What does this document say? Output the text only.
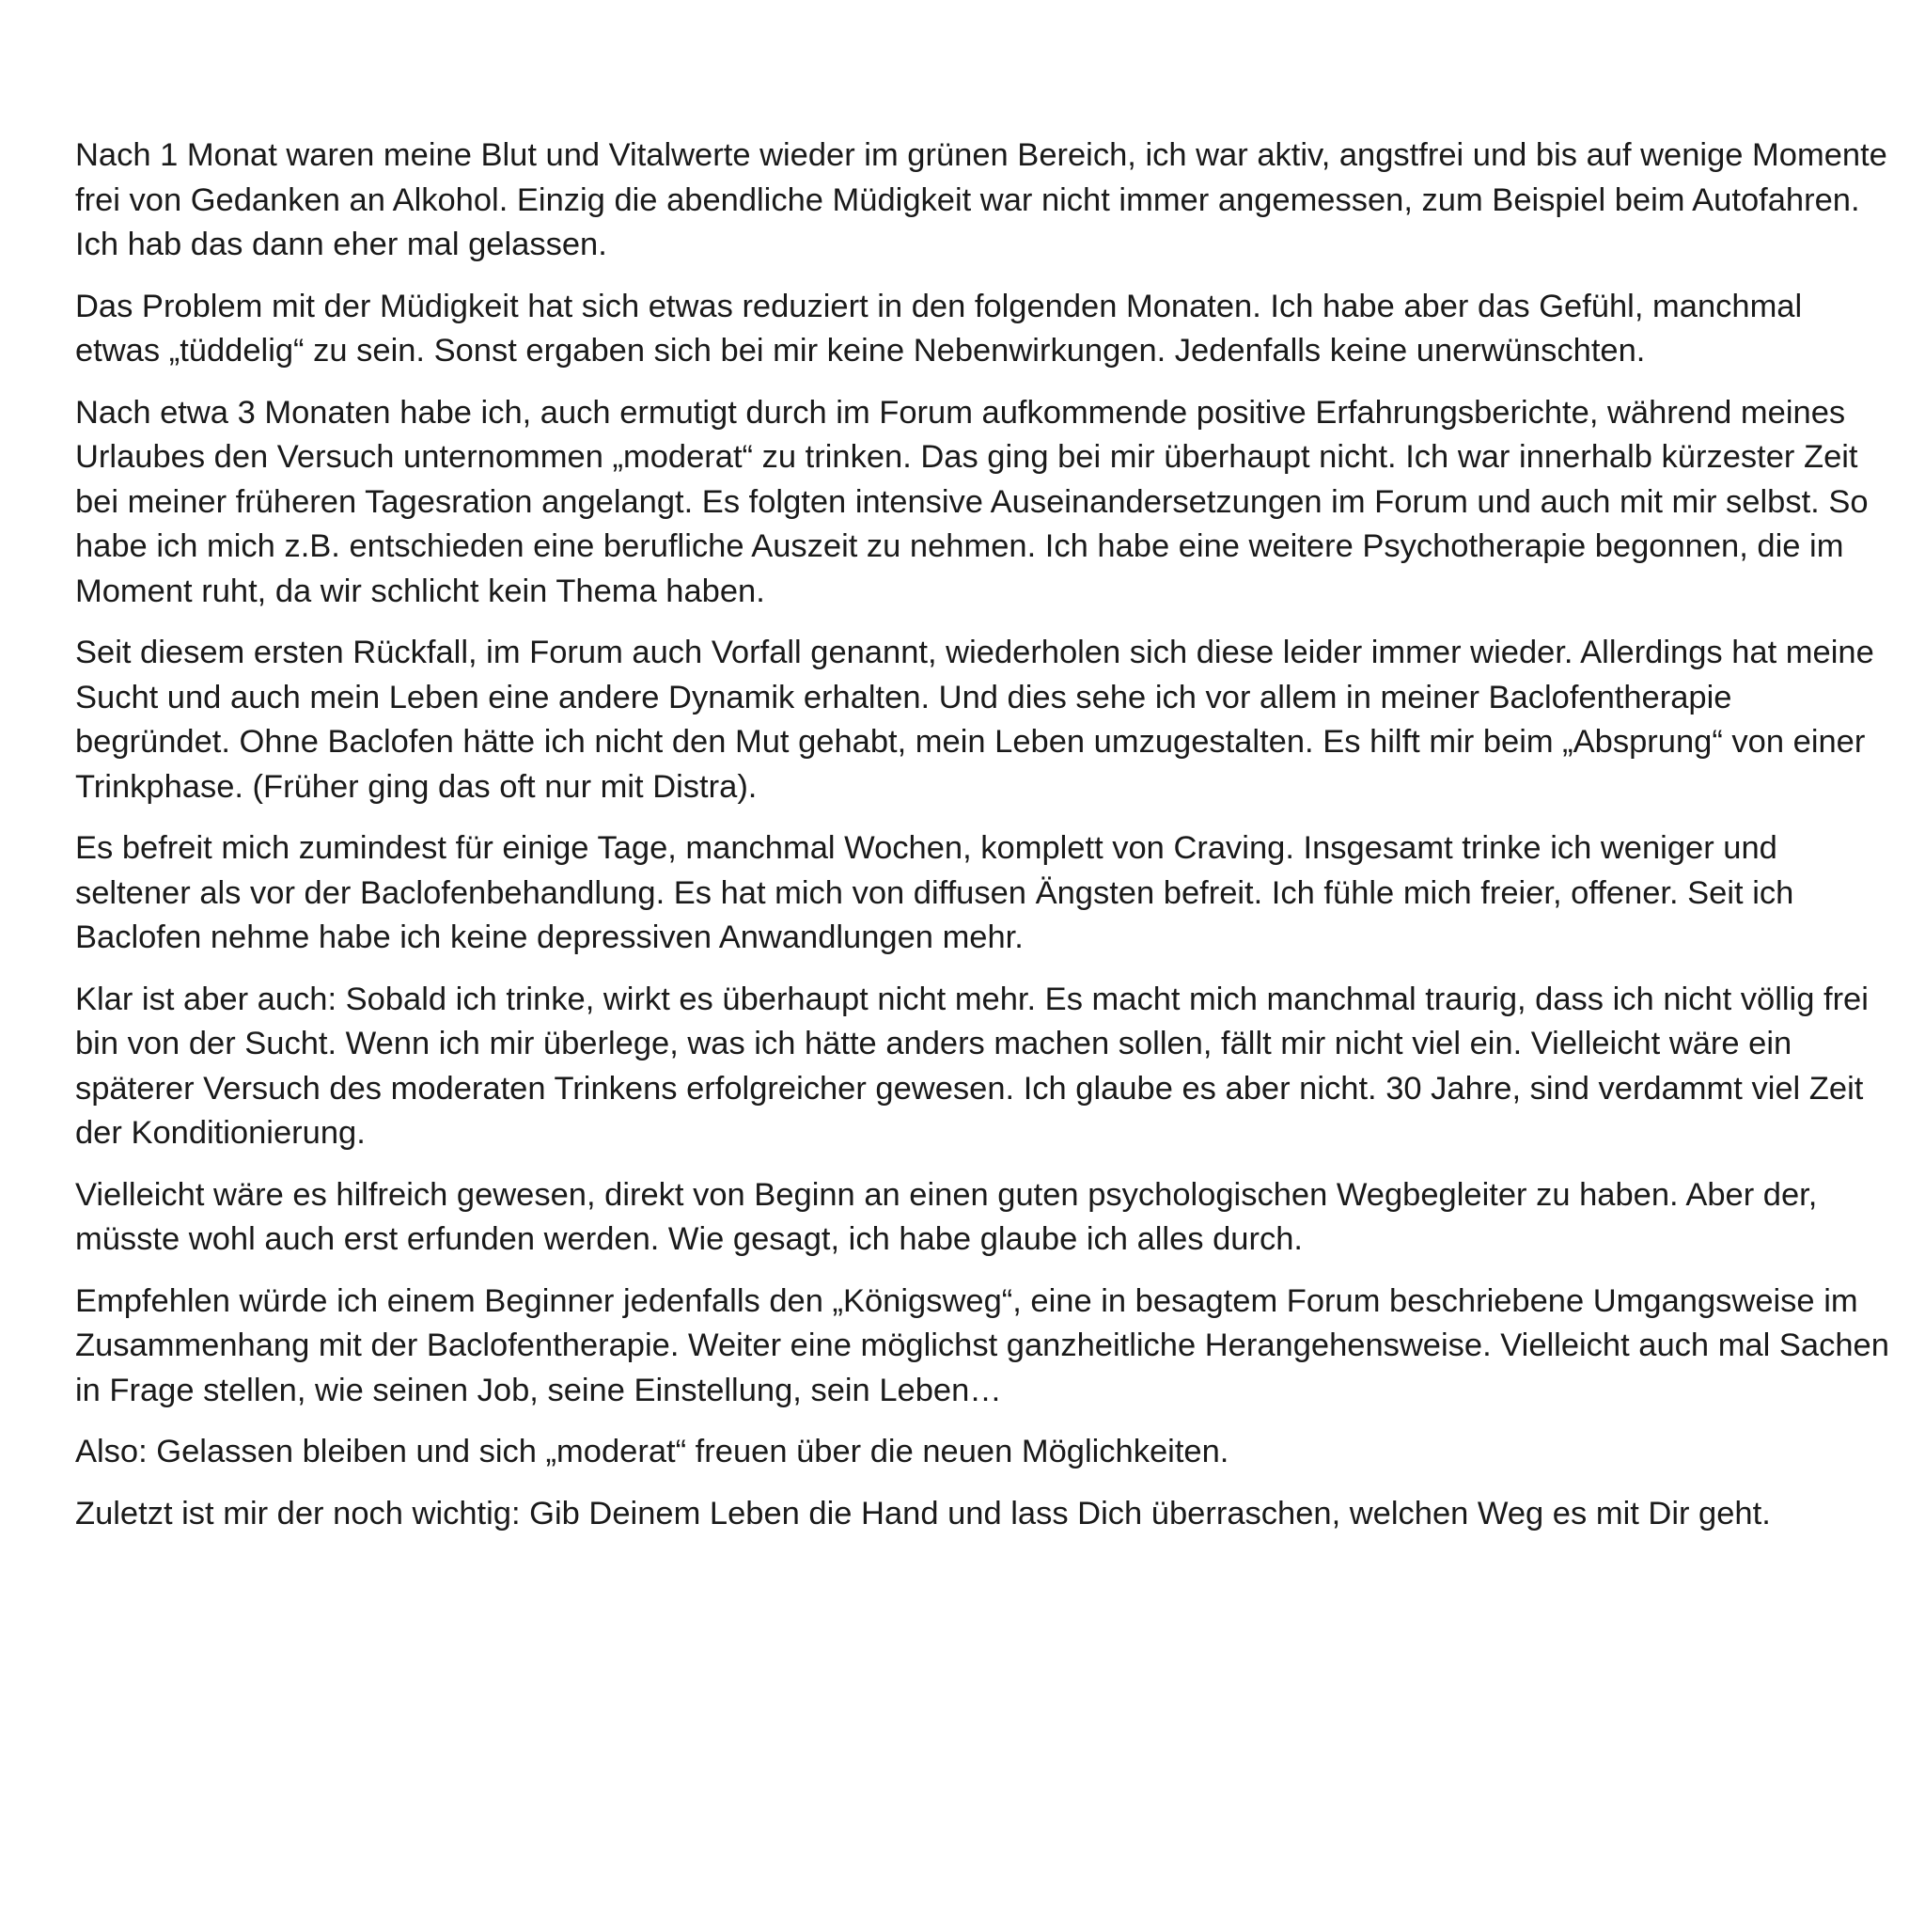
Nach 1 Monat waren meine Blut und Vitalwerte wieder im grünen Bereich, ich war aktiv, angstfrei und bis auf wenige Momente frei von Gedanken an Alkohol. Einzig die abendliche Müdigkeit war nicht immer angemessen, zum Beispiel beim Autofahren. Ich hab das dann eher mal gelassen.

Das Problem mit der Müdigkeit hat sich etwas reduziert in den folgenden Monaten. Ich habe aber das Gefühl, manchmal etwas „tüddelig“ zu sein. Sonst ergaben sich bei mir keine Nebenwirkungen. Jedenfalls keine unerwünschten.

Nach etwa 3 Monaten habe ich, auch ermutigt durch im Forum aufkommende positive Erfahrungsberichte, während meines Urlaubes den Versuch unternommen „moderat“ zu trinken. Das ging bei mir überhaupt nicht. Ich war innerhalb kürzester Zeit bei meiner früheren Tagesration angelangt. Es folgten intensive Auseinandersetzungen im Forum und auch mit mir selbst. So habe ich mich z.B. entschieden eine berufliche Auszeit zu nehmen. Ich habe eine weitere Psychotherapie begonnen, die im Moment ruht, da wir schlicht kein Thema haben.

Seit diesem ersten Rückfall, im Forum auch Vorfall genannt, wiederholen sich diese leider immer wieder. Allerdings hat meine Sucht und auch mein Leben eine andere Dynamik erhalten. Und dies sehe ich vor allem in meiner Baclofentherapie begründet. Ohne Baclofen hätte ich nicht den Mut gehabt, mein Leben umzugestalten. Es hilft mir beim „Absprung“ von einer Trinkphase. (Früher ging das oft nur mit Distra).

Es befreit mich zumindest für einige Tage, manchmal Wochen, komplett von Craving. Insgesamt trinke ich weniger und seltener als vor der Baclofenbehandlung. Es hat mich von diffusen Ängsten befreit. Ich fühle mich freier, offener. Seit ich Baclofen nehme habe ich keine depressiven Anwandlungen mehr.

Klar ist aber auch: Sobald ich trinke, wirkt es überhaupt nicht mehr. Es macht mich manchmal traurig, dass ich nicht völlig frei bin von der Sucht. Wenn ich mir überlege, was ich hätte anders machen sollen, fällt mir nicht viel ein. Vielleicht wäre ein späterer Versuch des moderaten Trinkens erfolgreicher gewesen. Ich glaube es aber nicht. 30 Jahre, sind verdammt viel Zeit der Konditionierung.

Vielleicht wäre es hilfreich gewesen, direkt von Beginn an einen guten psychologischen Wegbegleiter zu haben. Aber der, müsste wohl auch erst erfunden werden. Wie gesagt, ich habe glaube ich alles durch.

Empfehlen würde ich einem Beginner jedenfalls den „Königsweg“, eine in besagtem Forum beschriebene Umgangsweise im Zusammenhang mit der Baclofentherapie. Weiter eine möglichst ganzheitliche Herangehensweise. Vielleicht auch mal Sachen in Frage stellen, wie seinen Job, seine Einstellung, sein Leben…

Also: Gelassen bleiben und sich „moderat“ freuen über die neuen Möglichkeiten.

Zuletzt ist mir der noch wichtig: Gib Deinem Leben die Hand und lass Dich überraschen, welchen Weg es mit Dir geht.
